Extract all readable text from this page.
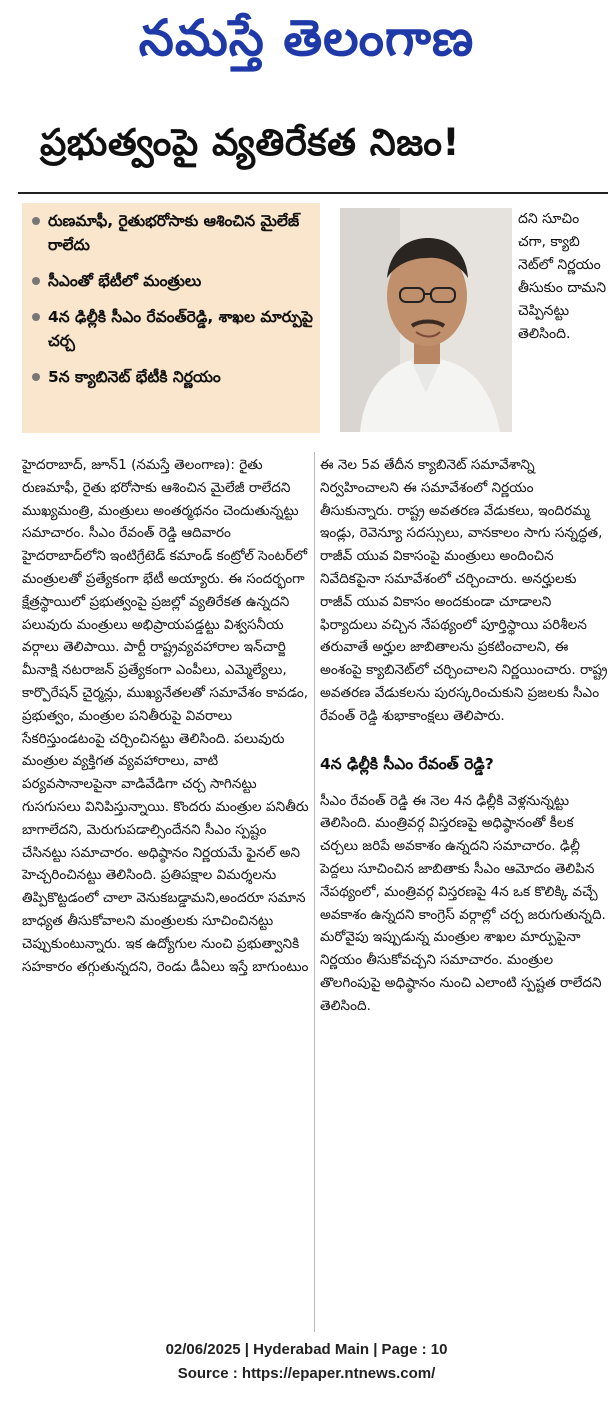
నమస్తే తెలంగాణ
ప్రభుత్వంపై వ్యతిరేకత నిజం!
రుణమాఫీ, రైతుభరోసాకు ఆశించిన మైలేజ్ రాలేదు
సీఎంతో భేటీలో మంత్రులు
4న ఢిల్లీకి సీఎం రేవంత్‌రెడ్డి, శాఖల మార్పుపై చర్చ
5న క్యాబినెట్ భేటీకి నిర్ణయం
దని సూచిం చగా, క్యాబి నెట్‌లో నిర్ణయం తీసుకుం దామని చెప్పినట్టు తెలిసింది.

హైదరాబాద్, జూన్1 (నమస్తే తెలంగాణ): రైతు రుణమాఫీ, రైతు భరోసాకు ఆశించిన మైలేజీ రాలేదని ముఖ్యమంత్రి, మంత్రులు అంతర్మథనం చెందుతున్నట్టు సమాచారం. సీఎం రేవంత్ రెడ్డి ఆదివారం హైదరాబాద్‌లోని ఇంటిగ్రేటెడ్ కమాండ్ కంట్రోల్ సెంటర్‌లో మంత్రులతో ప్రత్యేకంగా భేటీ అయ్యారు. ఈ సందర్భంగా క్షేత్రస్థాయిలో ప్రభుత్వంపై ప్రజల్లో వ్యతిరేకత ఉన్నదని పలువురు మంత్రులు అభిప్రాయపడ్డట్టు విశ్వసనీయ వర్గాలు తెలిపాయి. పార్టీ రాష్ట్రవ్యవహారాల ఇన్‌చార్జి మీనాక్షి నటరాజన్ ప్రత్యేకంగా ఎంపీలు, ఎమ్మెల్యేలు, కార్పొరేషన్ చైర్మన్లు, ముఖ్యనేతలతో సమావేశం కావడం, ప్రభుత్వం, మంత్రుల పనితీరుపై వివరాలు సేకరిస్తుండటంపై చర్చించినట్టు తెలిసింది. పలువురు మంత్రుల వ్యక్తిగత వ్యవహారాలు, వాటి పర్యవసానాలపైనా వాడివేడిగా చర్చ సాగినట్టు గుసగుసలు వినిపిస్తున్నాయి. కొందరు మంత్రుల పనితీరు బాగాలేదని, మెరుగుపడాల్సిందేనని సీఎం స్పష్టం చేసినట్టు సమాచారం. అధిష్ఠానం నిర్ణయమే ఫైనల్ అని హెచ్చరించినట్టు తెలిసింది. ప్రతిపక్షాల విమర్శలను తిప్పికొట్టడంలో చాలా వెనుకబడ్డామని,అందరూ సమాన బాధ్యత తీసుకోవాలని మంత్రులకు సూచించినట్టు చెప్పుకుంటున్నారు. ఇక ఉద్యోగుల నుంచి ప్రభుత్వానికి సహకారం తగ్గుతున్నదని, రెండు డీఏలు ఇస్తే బాగుంటుం

ఈ నెల 5వ తేదీన క్యాబినెట్ సమావేశాన్ని నిర్వహించాలని ఈ సమావేశంలో నిర్ణయం తీసుకున్నారు. రాష్ట్ర అవతరణ వేడుకలు, ఇందిరమ్మ ఇండ్లు, రెవెన్యూ సదస్సులు, వానకాలం సాగు సన్నద్ధత, రాజీవ్ యువ వికాసంపై మంత్రులు అందించిన నివేదికపైనా సమావేశంలో చర్చించారు. అనర్హులకు రాజీవ్ యువ వికాసం అందకుండా చూడాలని ఫిర్యాదులు వచ్చిన నేపథ్యంలో పూర్తిస్థాయి పరిశీలన తరువాతే అర్హుల జాబితాలను ప్రకటించాలని, ఈ అంశంపై క్యాబినెట్‌లో చర్చించాలని నిర్ణయించారు. రాష్ట్ర అవతరణ వేడుకలను పురస్కరించుకుని ప్రజలకు సీఎం రేవంత్ రెడ్డి శుభాకాంక్షలు తెలిపారు.

4న ఢిల్లీకి సీఎం రేవంత్ రెడ్డి?

సీఎం రేవంత్ రెడ్డి ఈ నెల 4న ఢిల్లీకి వెళ్లనున్నట్టు తెలిసింది. మంత్రివర్గ విస్తరణపై అధిష్ఠానంతో కీలక చర్చలు జరిపే అవకాశం ఉన్నదని సమాచారం. ఢిల్లీ పెద్దలు సూచించిన జాబితాకు సీఎం ఆమోదం తెలిపిన నేపథ్యంలో, మంత్రివర్గ విస్తరణపై 4న ఒక కొలిక్కి వచ్చే అవకాశం ఉన్నదని కాంగ్రెస్ వర్గాల్లో చర్చ జరుగుతున్నది. మరోవైపు ఇప్పుడున్న మంత్రుల శాఖల మార్పుపైనా నిర్ణయం తీసుకోవచ్చని సమాచారం. మంత్రుల తొలగింపుపై అధిష్ఠానం నుంచి ఎలాంటి స్పష్టత రాలేదని తెలిసింది.

02/06/2025 | Hyderabad Main | Page : 10
Source : https://epaper.ntnews.com/
